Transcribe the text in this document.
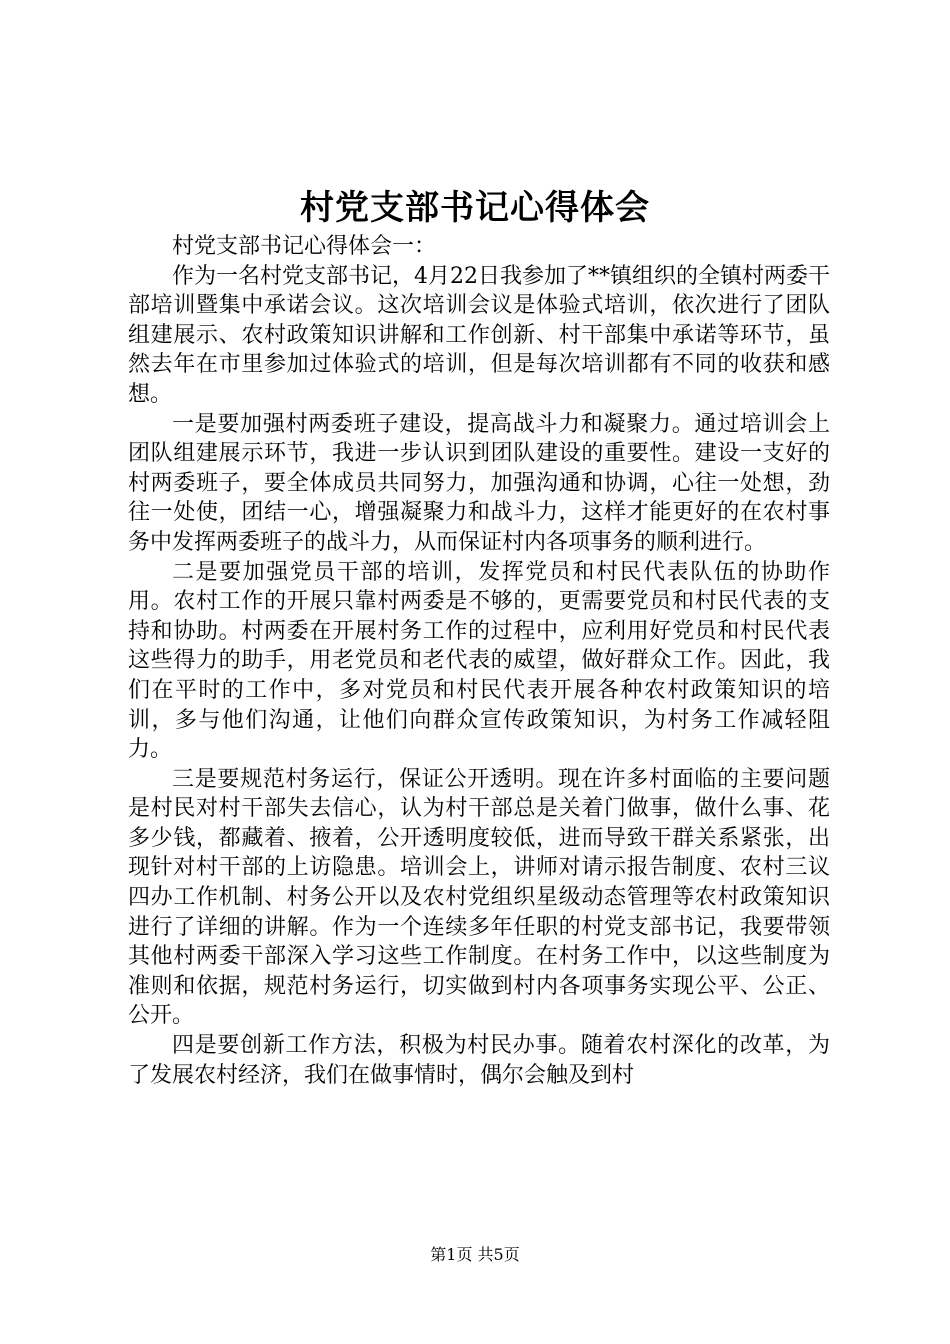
村党支部书记心得体会

村党支部书记心得体会一：

作为一名村党支部书记，4月22日我参加了**镇组织的全镇村两委干部培训暨集中承诺会议。这次培训会议是体验式培训，依次进行了团队组建展示、农村政策知识讲解和工作创新、村干部集中承诺等环节，虽然去年在市里参加过体验式的培训，但是每次培训都有不同的收获和感想。

一是要加强村两委班子建设，提高战斗力和凝聚力。通过培训会上团队组建展示环节，我进一步认识到团队建设的重要性。建设一支好的村两委班子，要全体成员共同努力，加强沟通和协调，心往一处想，劲往一处使，团结一心，增强凝聚力和战斗力，这样才能更好的在农村事务中发挥两委班子的战斗力，从而保证村内各项事务的顺利进行。

二是要加强党员干部的培训，发挥党员和村民代表队伍的协助作用。农村工作的开展只靠村两委是不够的，更需要党员和村民代表的支持和协助。村两委在开展村务工作的过程中，应利用好党员和村民代表这些得力的助手，用老党员和老代表的威望，做好群众工作。因此，我们在平时的工作中，多对党员和村民代表开展各种农村政策知识的培训，多与他们沟通，让他们向群众宣传政策知识，为村务工作减轻阻力。

三是要规范村务运行，保证公开透明。现在许多村面临的主要问题是村民对村干部失去信心，认为村干部总是关着门做事，做什么事、花多少钱，都藏着、掖着，公开透明度较低，进而导致干群关系紧张，出现针对村干部的上访隐患。培训会上，讲师对请示报告制度、农村三议四办工作机制、村务公开以及农村党组织星级动态管理等农村政策知识进行了详细的讲解。作为一个连续多年任职的村党支部书记，我要带领其他村两委干部深入学习这些工作制度。在村务工作中，以这些制度为准则和依据，规范村务运行，切实做到村内各项事务实现公平、公正、公开。

四是要创新工作方法，积极为村民办事。随着农村深化的改革，为了发展农村经济，我们在做事情时，偶尔会触及到村

第1页 共5页
